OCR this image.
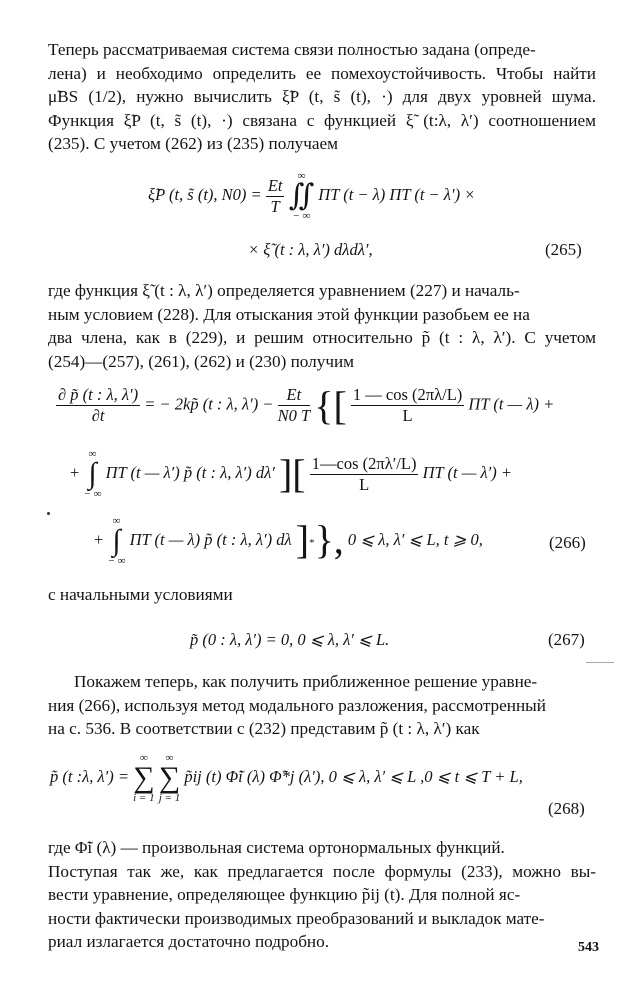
Теперь рассматриваемая система связи полностью задана (опреде-
лена) и необходимо определить ее помехоустойчивость. Чтобы найти
μ̃BS (1/2), нужно вычислить ξ̃P (t, s̃ (t), ·) для двух уровней шума.
Функция ξ̃P (t, s̃ (t), ·) связана с функцией ξ̃ (t:λ, λ′) соотношением
(235). С учетом (262) из (235) получаем

ξ̃P (t, s̃ (t), $N0) = \frac{Et}{T}$
	∞
∬
− ∞
ΠT (t − λ) ΠT (t − λ′) ×
× ξ̃ (t : λ, λ′) dλdλ′,	(265)

где функция ξ̃ (t : λ, λ′) определяется уравнением (227) и началь-
ным условием (228). Для отыскания этой функции разобьем ее на
два члена, как в (229), и решим относительно p̃ (t : λ, λ′). С учетом
(254)—(257), (261), (262) и (230) получим

$\frac{\partial p̃ (t : \lambda, \lambda')}{\partial t}$ = − 2kp̃ (t : λ, $\lambda') - \frac{Et}{N0 T}$ {[ $\frac{1 — \cos (2\pi\lambda/L)}{L}$ ΠT (t — λ) +
+
∞
∫
− ∞
ΠT (t — λ′) p̃ (t : λ, λ′) dλ′ ][ $\frac{1—\cos (2\pi\lambda'/L)}{L}$ ΠT (t — λ′) +
+
∞
∫
− ∞
ΠT (t — λ) p̃ (t : λ, λ′) dλ ]*}, 0 ⩽ λ, λ′ ⩽ L, t ⩾ 0,	(266)

с начальными условиями

p̃ (0 : λ, λ′) = 0, 0 ⩽ λ, λ′ ⩽ L.	(267)

Покажем теперь, как получить приближенное решение уравне-
ния (266), используя метод модального разложения, рассмотренный
на с. 536. В соответствии с (232) представим p̃ (t : λ, λ′) как

p̃ (t :λ, λ′) =
∞
∑
i = 1

∞
∑
j = 1
p̃ij (t) Φ̃i (λ) Φ̃*j (λ′), 0 ⩽ λ, λ′ ⩽ L ,0 ⩽ t ⩽ T + L,
(268)

где Φ̃i (λ) — произвольная система ортонормальных функций.
Поступая так же, как предлагается после формулы (233), можно вы-
вести уравнение, определяющее функцию p̃ij (t). Для полной яс-
ности фактически производимых преобразований и выкладок мате-
риал излагается достаточно подробно.	543
